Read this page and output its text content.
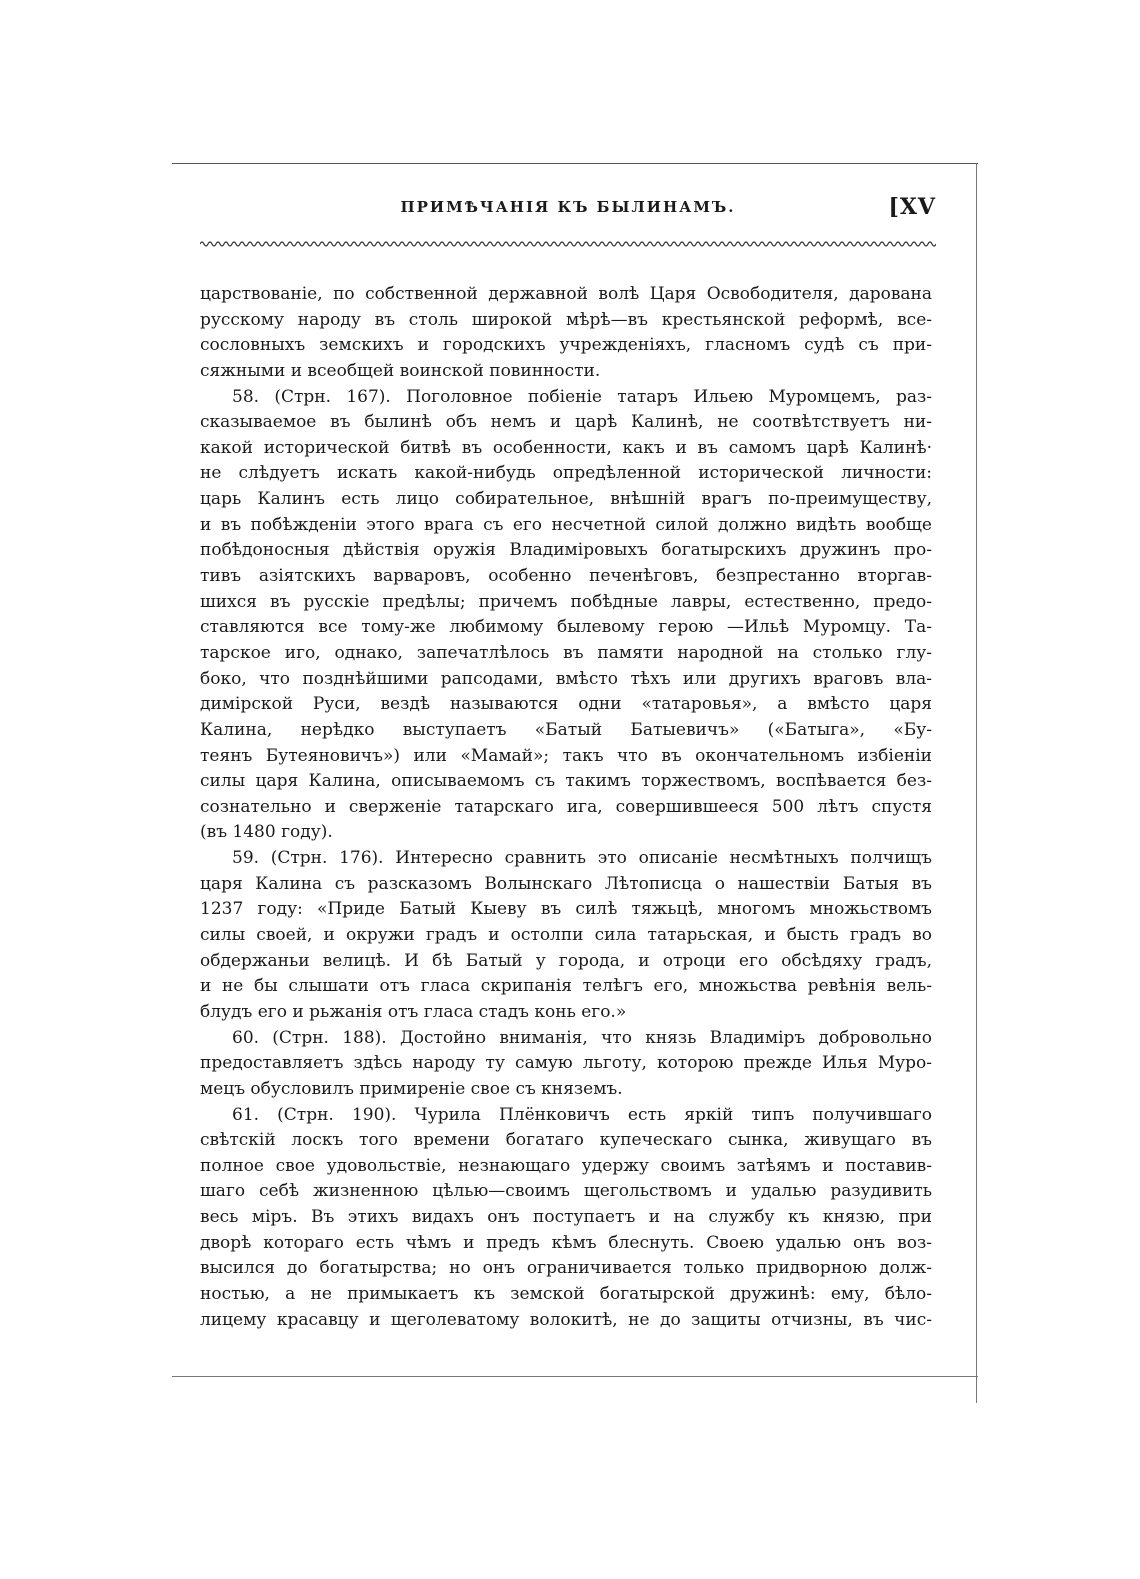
ПРИМѢЧАНІЯ КЪ БЫЛИНАМЪ.	[XV
царствованіе, по собственной державной волѣ Царя Освободителя, дарована
русскому народу въ столь широкой мѣрѣ—въ крестьянской реформѣ, все-
сословныхъ земскихъ и городскихъ учрежденіяхъ, гласномъ судѣ съ при-
сяжными и всеобщей воинской повинности.
58. (Стрн. 167). Поголовное побіеніе татаръ Ильею Муромцемъ, раз-
сказываемое въ былинѣ объ немъ и царѣ Калинѣ, не соотвѣтствуетъ ни-
какой исторической битвѣ въ особенности, какъ и въ самомъ царѣ Калинѣ·
не слѣдуетъ искать какой-нибудь опредѣленной исторической личности:
царь Калинъ есть лицо собирательное, внѣшній врагъ по-преимуществу,
и въ побѣжденіи этого врага съ его несчетной силой должно видѣть вообще
побѣдоносныя дѣйствія оружія Владиміровыхъ богатырскихъ дружинъ про-
тивъ азіятскихъ варваровъ, особенно печенѣговъ, безпрестанно вторгав-
шихся въ русскіе предѣлы; причемъ побѣдные лавры, естественно, предо-
ставляются все тому-же любимому былевому герою —Ильѣ Муромцу. Та-
тарское иго, однако, запечатлѣлось въ памяти народной на столько глу-
боко, что позднѣйшими рапсодами, вмѣсто тѣхъ или другихъ враговъ вла-
димірской Руси, вездѣ называются одни «татаровья», а вмѣсто царя
Калина, нерѣдко выступаетъ «Батый Батыевичъ» («Батыга», «Бу-
теянъ Бутеяновичъ») или «Мамай»; такъ что въ окончательномъ избіеніи
силы царя Калина, описываемомъ съ такимъ торжествомъ, воспѣвается без-
сознательно и сверженіе татарскаго ига, совершившееся 500 лѣтъ спустя
(въ 1480 году).
59. (Стрн. 176). Интересно сравнить это описаніе несмѣтныхъ полчищъ
царя Калина съ разсказомъ Волынскаго Лѣтописца о нашествіи Батыя въ
1237 году: «Приде Батый Кыеву въ силѣ тяжьцѣ, многомъ множьствомъ
силы своей, и окружи градъ и остолпи сила татарьская, и бысть градъ во
обдержаньи велицѣ. И бѣ Батый у города, и отроци его обсѣдяху градъ,
и не бы слышати отъ гласа скрипанія телѣгъ его, множьства ревѣнія вель-
блудъ его и рьжанія отъ гласа стадъ конь его.»
60. (Стрн. 188). Достойно вниманія, что князь Владиміръ добровольно
предоставляетъ здѣсь народу ту самую льготу, которою прежде Илья Муро-
мецъ обусловилъ примиреніе свое съ княземъ.
61. (Стрн. 190). Чурила Плёнковичъ есть яркій типъ получившаго
свѣтскій лоскъ того времени богатаго купеческаго сынка, живущаго въ
полное свое удовольствіе, незнающаго удержу своимъ затѣямъ и поставив-
шаго себѣ жизненною цѣлью—своимъ щегольствомъ и удалью разудивить
весь міръ. Въ этихъ видахъ онъ поступаетъ и на службу къ князю, при
дворѣ котораго есть чѣмъ и предъ кѣмъ блеснуть. Своею удалью онъ воз-
высился до богатырства; но онъ ограничивается только придворною долж-
ностью, а не примыкаетъ къ земской богатырской дружинѣ: ему, бѣло-
лицему красавцу и щеголеватому волокитѣ, не до защиты отчизны, въ чис-
